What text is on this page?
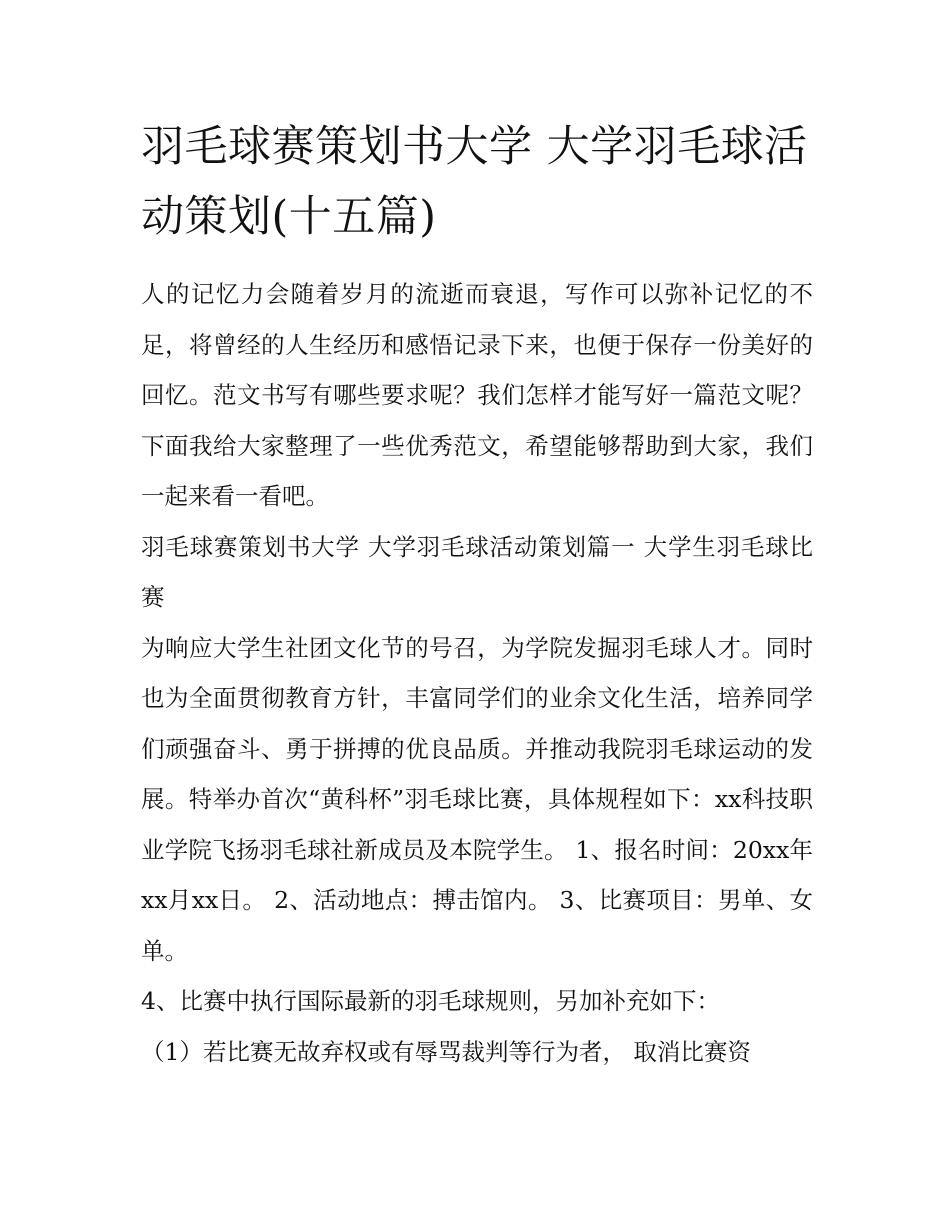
羽毛球赛策划书大学 大学羽毛球活动策划(十五篇)

人的记忆力会随着岁月的流逝而衰退，写作可以弥补记忆的不足，将曾经的人生经历和感悟记录下来，也便于保存一份美好的回忆。范文书写有哪些要求呢？我们怎样才能写好一篇范文呢？下面我给大家整理了一些优秀范文，希望能够帮助到大家，我们一起来看一看吧。

羽毛球赛策划书大学 大学羽毛球活动策划篇一 大学生羽毛球比赛

为响应大学生社团文化节的号召，为学院发掘羽毛球人才。同时也为全面贯彻教育方针，丰富同学们的业余文化生活，培养同学们顽强奋斗、勇于拼搏的优良品质。并推动我院羽毛球运动的发展。特举办首次“黄科杯”羽毛球比赛，具体规程如下：xx科技职业学院飞扬羽毛球社新成员及本院学生。 1、报名时间：20xx年xx月xx日。 2、活动地点：搏击馆内。 3、比赛项目：男单、女单。

4、比赛中执行国际最新的羽毛球规则，另加补充如下：

（1）若比赛无故弃权或有辱骂裁判等行为者， 取消比赛资
